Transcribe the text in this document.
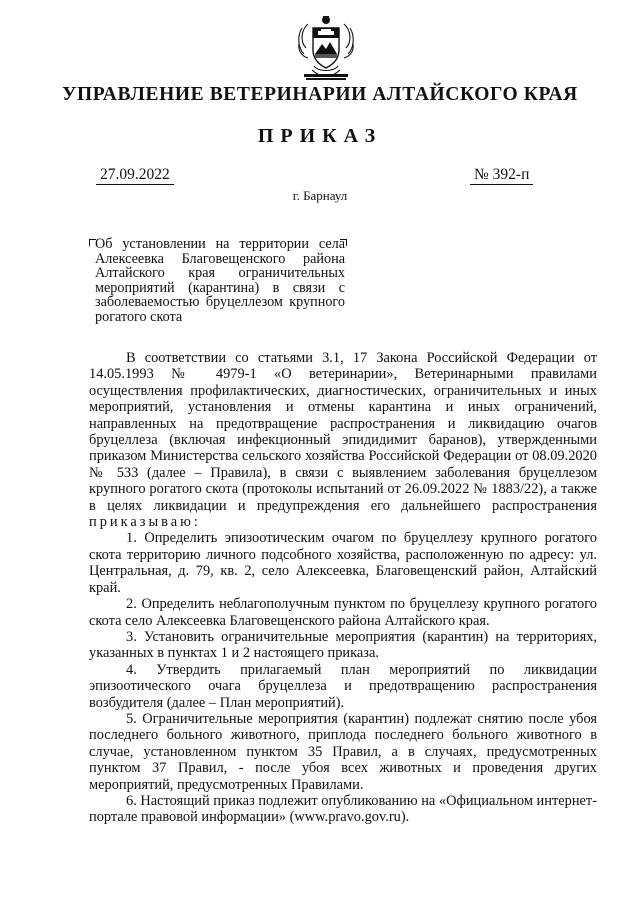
УПРАВЛЕНИЕ ВЕТЕРИНАРИИ АЛТАЙСКОГО КРАЯ
ПРИКАЗ
27.09.2022	№ 392-п
г. Барнаул
Об установлении на территории села Алексеевка Благовещенского района Алтайского края ограничительных мероприятий (карантина) в связи с заболеваемостью бруцеллезом крупного рогатого скота

В соответствии со статьями 3.1, 17 Закона Российской Федерации от 14.05.1993 № 4979-1 «О ветеринарии», Ветеринарными правилами осуществления профилактических, диагностических, ограничительных и иных мероприятий, установления и отмены карантина и иных ограничений, направленных на предотвращение распространения и ликвидацию очагов бруцеллеза (включая инфекционный эпидидимит баранов), утвержденными приказом Министерства сельского хозяйства Российской Федерации от 08.09.2020 № 533 (далее – Правила), в связи с выявлением заболевания бруцеллезом крупного рогатого скота (протоколы испытаний от 26.09.2022 № 1883/22), а также в целях ликвидации и предупреждения его дальнейшего распространения приказываю:

1. Определить эпизоотическим очагом по бруцеллезу крупного рогатого скота территорию личного подсобного хозяйства, расположенную по адресу: ул. Центральная, д. 79, кв. 2, село Алексеевка, Благовещенский район, Алтайский край.

2. Определить неблагополучным пунктом по бруцеллезу крупного рогатого скота село Алексеевка Благовещенского района Алтайского края.

3. Установить ограничительные мероприятия (карантин) на территориях, указанных в пунктах 1 и 2 настоящего приказа.

4. Утвердить прилагаемый план мероприятий по ликвидации эпизоотического очага бруцеллеза и предотвращению распространения возбудителя (далее – План мероприятий).

5. Ограничительные мероприятия (карантин) подлежат снятию после убоя последнего больного животного, приплода последнего больного животного в случае, установленном пунктом 35 Правил, а в случаях, предусмотренных пунктом 37 Правил, - после убоя всех животных и проведения других мероприятий, предусмотренных Правилами.

6. Настоящий приказ подлежит опубликованию на «Официальном интернет-портале правовой информации» (www.pravo.gov.ru).
